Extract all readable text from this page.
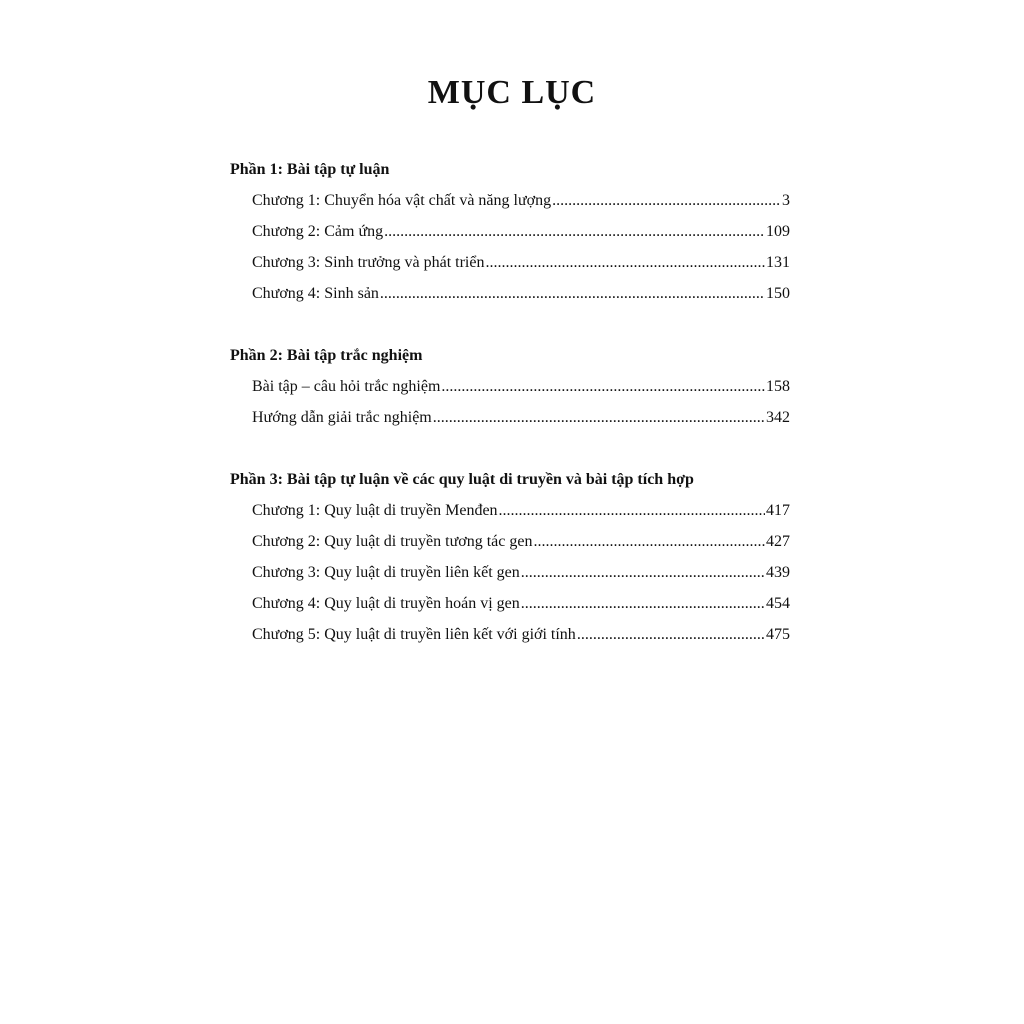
MỤC LỤC
Phần 1: Bài tập tự luận
Chương 1: Chuyển hóa vật chất và năng lượng .....	3
Chương 2: Cảm ứng .....	109
Chương 3: Sinh trưởng và phát triển .....	131
Chương 4: Sinh sản .....	150
Phần 2: Bài tập trắc nghiệm
Bài tập – câu hỏi trắc nghiệm .....	158
Hướng dẫn giải trắc nghiệm .....	342
Phần 3: Bài tập tự luận về các quy luật di truyền và bài tập tích hợp
Chương 1: Quy luật di truyền Menđen .....	417
Chương 2: Quy luật di truyền tương tác gen .....	427
Chương 3: Quy luật di truyền liên kết gen .....	439
Chương 4: Quy luật di truyền hoán vị gen .....	454
Chương 5: Quy luật di truyền liên kết với giới tính .....	475
